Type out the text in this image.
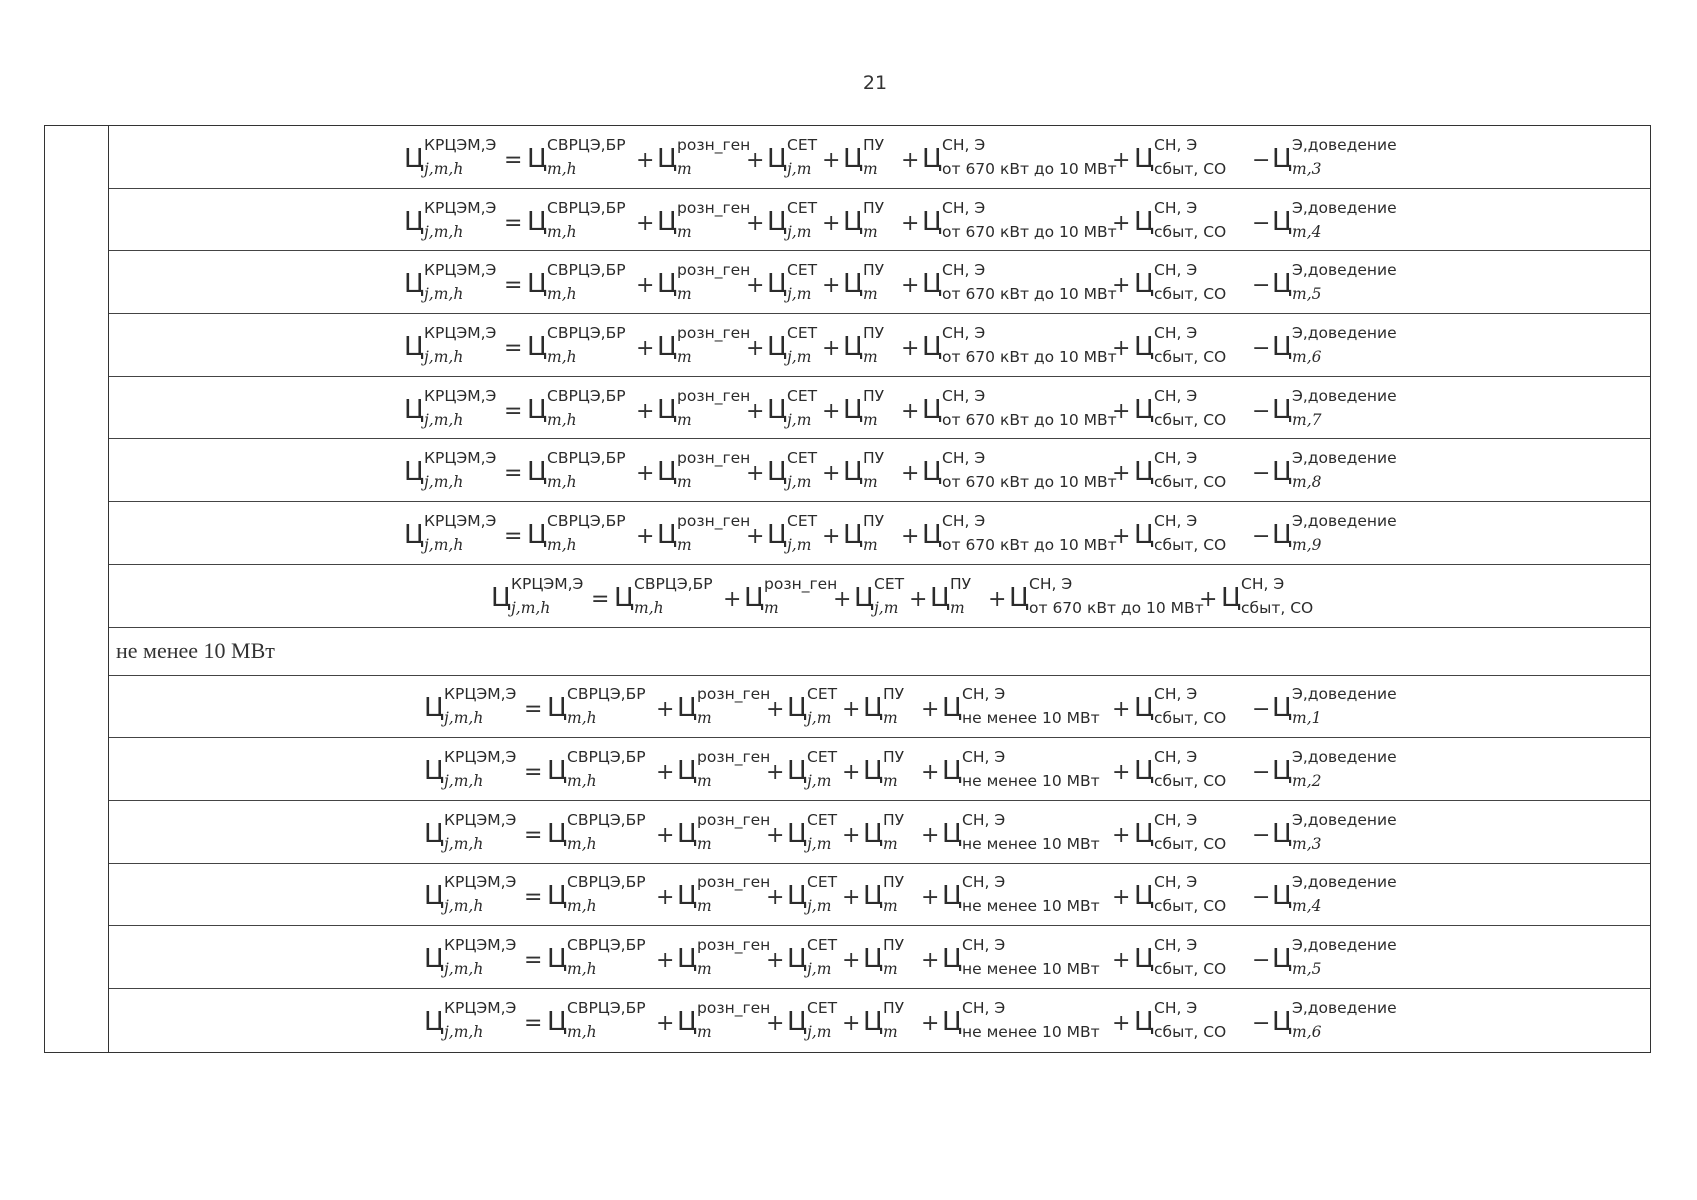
21
Ц КРЦЭМ,Э
j,m,h = Ц СВРЦЭ,БР
m,h	+ Ц розн_ген
m + Ц СЕТ
j,m + Ц ПУ
m + Ц СН, Э
от 670 кВт до 10 МВт
+ Ц СН, Э
сбыт, СО − Ц Э,доведение
m,3
Ц КРЦЭМ,Э
j,m,h = Ц СВРЦЭ,БР
m,h	+ Ц розн_ген
m + Ц СЕТ
j,m + Ц ПУ
m + Ц СН, Э
от 670 кВт до 10 МВт
+ Ц СН, Э
сбыт, СО − Ц Э,доведение
m,4
Ц КРЦЭМ,Э
j,m,h = Ц СВРЦЭ,БР
m,h	+ Ц розн_ген
m + Ц СЕТ
j,m + Ц ПУ
m + Ц СН, Э
от 670 кВт до 10 МВт
+ Ц СН, Э
сбыт, СО − Ц Э,доведение
m,5
Ц КРЦЭМ,Э
j,m,h = Ц СВРЦЭ,БР
m,h	+ Ц розн_ген
m + Ц СЕТ
j,m + Ц ПУ
m + Ц СН, Э
от 670 кВт до 10 МВт
+ Ц СН, Э
сбыт, СО − Ц Э,доведение
m,6
Ц КРЦЭМ,Э
j,m,h = Ц СВРЦЭ,БР
m,h	+ Ц розн_ген
m + Ц СЕТ
j,m + Ц ПУ
m + Ц СН, Э
от 670 кВт до 10 МВт
+ Ц СН, Э
сбыт, СО − Ц Э,доведение
m,7
Ц КРЦЭМ,Э
j,m,h = Ц СВРЦЭ,БР
m,h	+ Ц розн_ген
m + Ц СЕТ
j,m + Ц ПУ
m + Ц СН, Э
от 670 кВт до 10 МВт
+ Ц СН, Э
сбыт, СО − Ц Э,доведение
m,8
Ц КРЦЭМ,Э
j,m,h = Ц СВРЦЭ,БР
m,h	+ Ц розн_ген
m + Ц СЕТ
j,m + Ц ПУ
m + Ц СН, Э
от 670 кВт до 10 МВт
+ Ц СН, Э
сбыт, СО − Ц Э,доведение
m,9
Ц КРЦЭМ,Э
j,m,h = Ц СВРЦЭ,БР
m,h	+ Ц розн_ген
m + Ц СЕТ
j,m + Ц ПУ
m + Ц СН, Э
от 670 кВт до 10 МВт
+ Ц СН, Э
сбыт, СО
не менее 10 МВт
Ц КРЦЭМ,Э
j,m,h = Ц СВРЦЭ,БР
m,h	+ Ц розн_ген
m + Ц СЕТ
j,m + Ц ПУ
m + Ц СН, Э
не менее 10 МВт + Ц СН, Э
сбыт, СО − Ц Э,доведение
m,1
Ц КРЦЭМ,Э
j,m,h = Ц СВРЦЭ,БР
m,h	+ Ц розн_ген
m + Ц СЕТ
j,m + Ц ПУ
m + Ц СН, Э
не менее 10 МВт + Ц СН, Э
сбыт, СО − Ц Э,доведение
m,2
Ц КРЦЭМ,Э
j,m,h = Ц СВРЦЭ,БР
m,h	+ Ц розн_ген
m + Ц СЕТ
j,m + Ц ПУ
m + Ц СН, Э
не менее 10 МВт + Ц СН, Э
сбыт, СО − Ц Э,доведение
m,3
Ц КРЦЭМ,Э
j,m,h = Ц СВРЦЭ,БР
m,h	+ Ц розн_ген
m + Ц СЕТ
j,m + Ц ПУ
m + Ц СН, Э
не менее 10 МВт + Ц СН, Э
сбыт, СО − Ц Э,доведение
m,4
Ц КРЦЭМ,Э
j,m,h = Ц СВРЦЭ,БР
m,h	+ Ц розн_ген
m + Ц СЕТ
j,m + Ц ПУ
m + Ц СН, Э
не менее 10 МВт + Ц СН, Э
сбыт, СО − Ц Э,доведение
m,5
Ц КРЦЭМ,Э
j,m,h = Ц СВРЦЭ,БР
m,h	+ Ц розн_ген
m + Ц СЕТ
j,m + Ц ПУ
m + Ц СН, Э
не менее 10 МВт + Ц СН, Э
сбыт, СО − Ц Э,доведение
m,6
